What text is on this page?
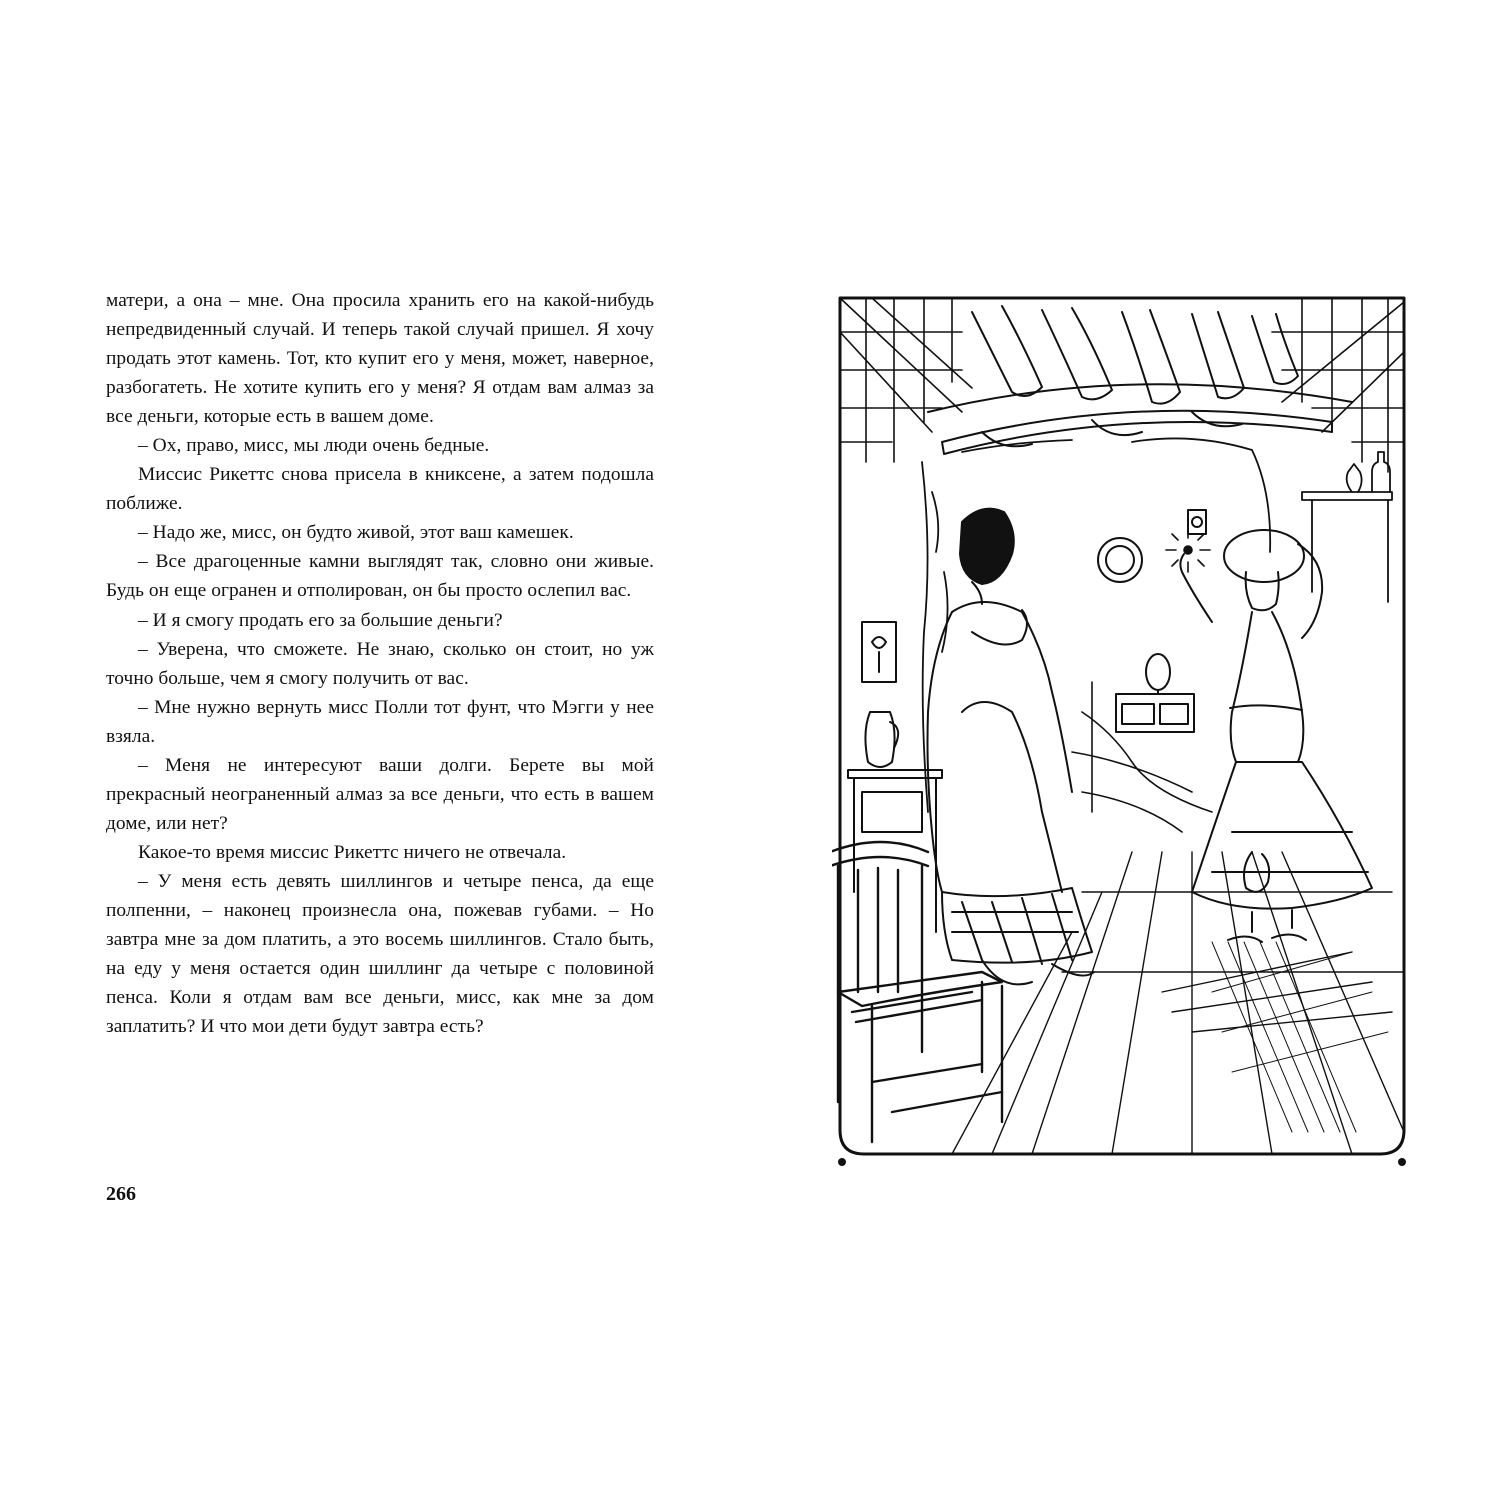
матери, а она – мне. Она просила хранить его на какой-нибудь непредвиденный случай. И теперь такой случай пришел. Я хочу продать этот камень. Тот, кто купит его у меня, может, наверное, разбогатеть. Не хотите купить его у меня? Я отдам вам алмаз за все деньги, которые есть в вашем доме.

– Ох, право, мисс, мы люди очень бедные.

Миссис Рикеттс снова присела в книксене, а затем подошла поближе.

– Надо же, мисс, он будто живой, этот ваш камешек.

– Все драгоценные камни выглядят так, словно они живые. Будь он еще огранен и отполирован, он бы просто ослепил вас.

– И я смогу продать его за большие деньги?

– Уверена, что сможете. Не знаю, сколько он стоит, но уж точно больше, чем я смогу получить от вас.

– Мне нужно вернуть мисс Полли тот фунт, что Мэгги у нее взяла.

– Меня не интересуют ваши долги. Берете вы мой прекрасный неограненный алмаз за все деньги, что есть в вашем доме, или нет?

Какое-то время миссис Рикеттс ничего не отвечала.

– У меня есть девять шиллингов и четыре пенса, да еще полпенни, – наконец произнесла она, пожевав губами. – Но завтра мне за дом платить, а это восемь шиллингов. Стало быть, на еду у меня остается один шиллинг да четыре с половиной пенса. Коли я отдам вам все деньги, мисс, как мне за дом заплатить? И что мои дети будут завтра есть?

266
